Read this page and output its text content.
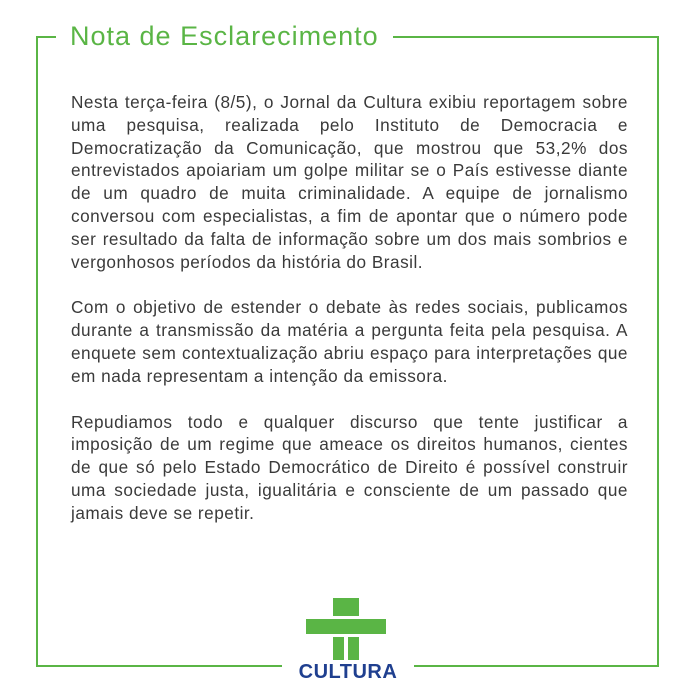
Nota de Esclarecimento

Nesta terça-feira (8/5), o Jornal da Cultura exibiu reportagem sobre uma pesquisa, realizada pelo Instituto de Democracia e Democratização da Comunicação, que mostrou que 53,2% dos entrevistados apoiariam um golpe militar se o País estivesse diante de um quadro de muita criminalidade. A equipe de jornalismo conversou com especialistas, a fim de apontar que o número pode ser resultado da falta de informação sobre um dos mais sombrios e vergonhosos períodos da história do Brasil.

Com o objetivo de estender o debate às redes sociais, publicamos durante a transmissão da matéria a pergunta feita pela pesquisa. A enquete sem contextualização abriu espaço para interpretações que em nada representam a intenção da emissora.

Repudiamos todo e qualquer discurso que tente justificar a imposição de um regime que ameace os direitos humanos, cientes de que só pelo Estado Democrático de Direito é possível construir uma sociedade justa, igualitária e consciente de um passado que jamais deve se repetir.

CULTURA
